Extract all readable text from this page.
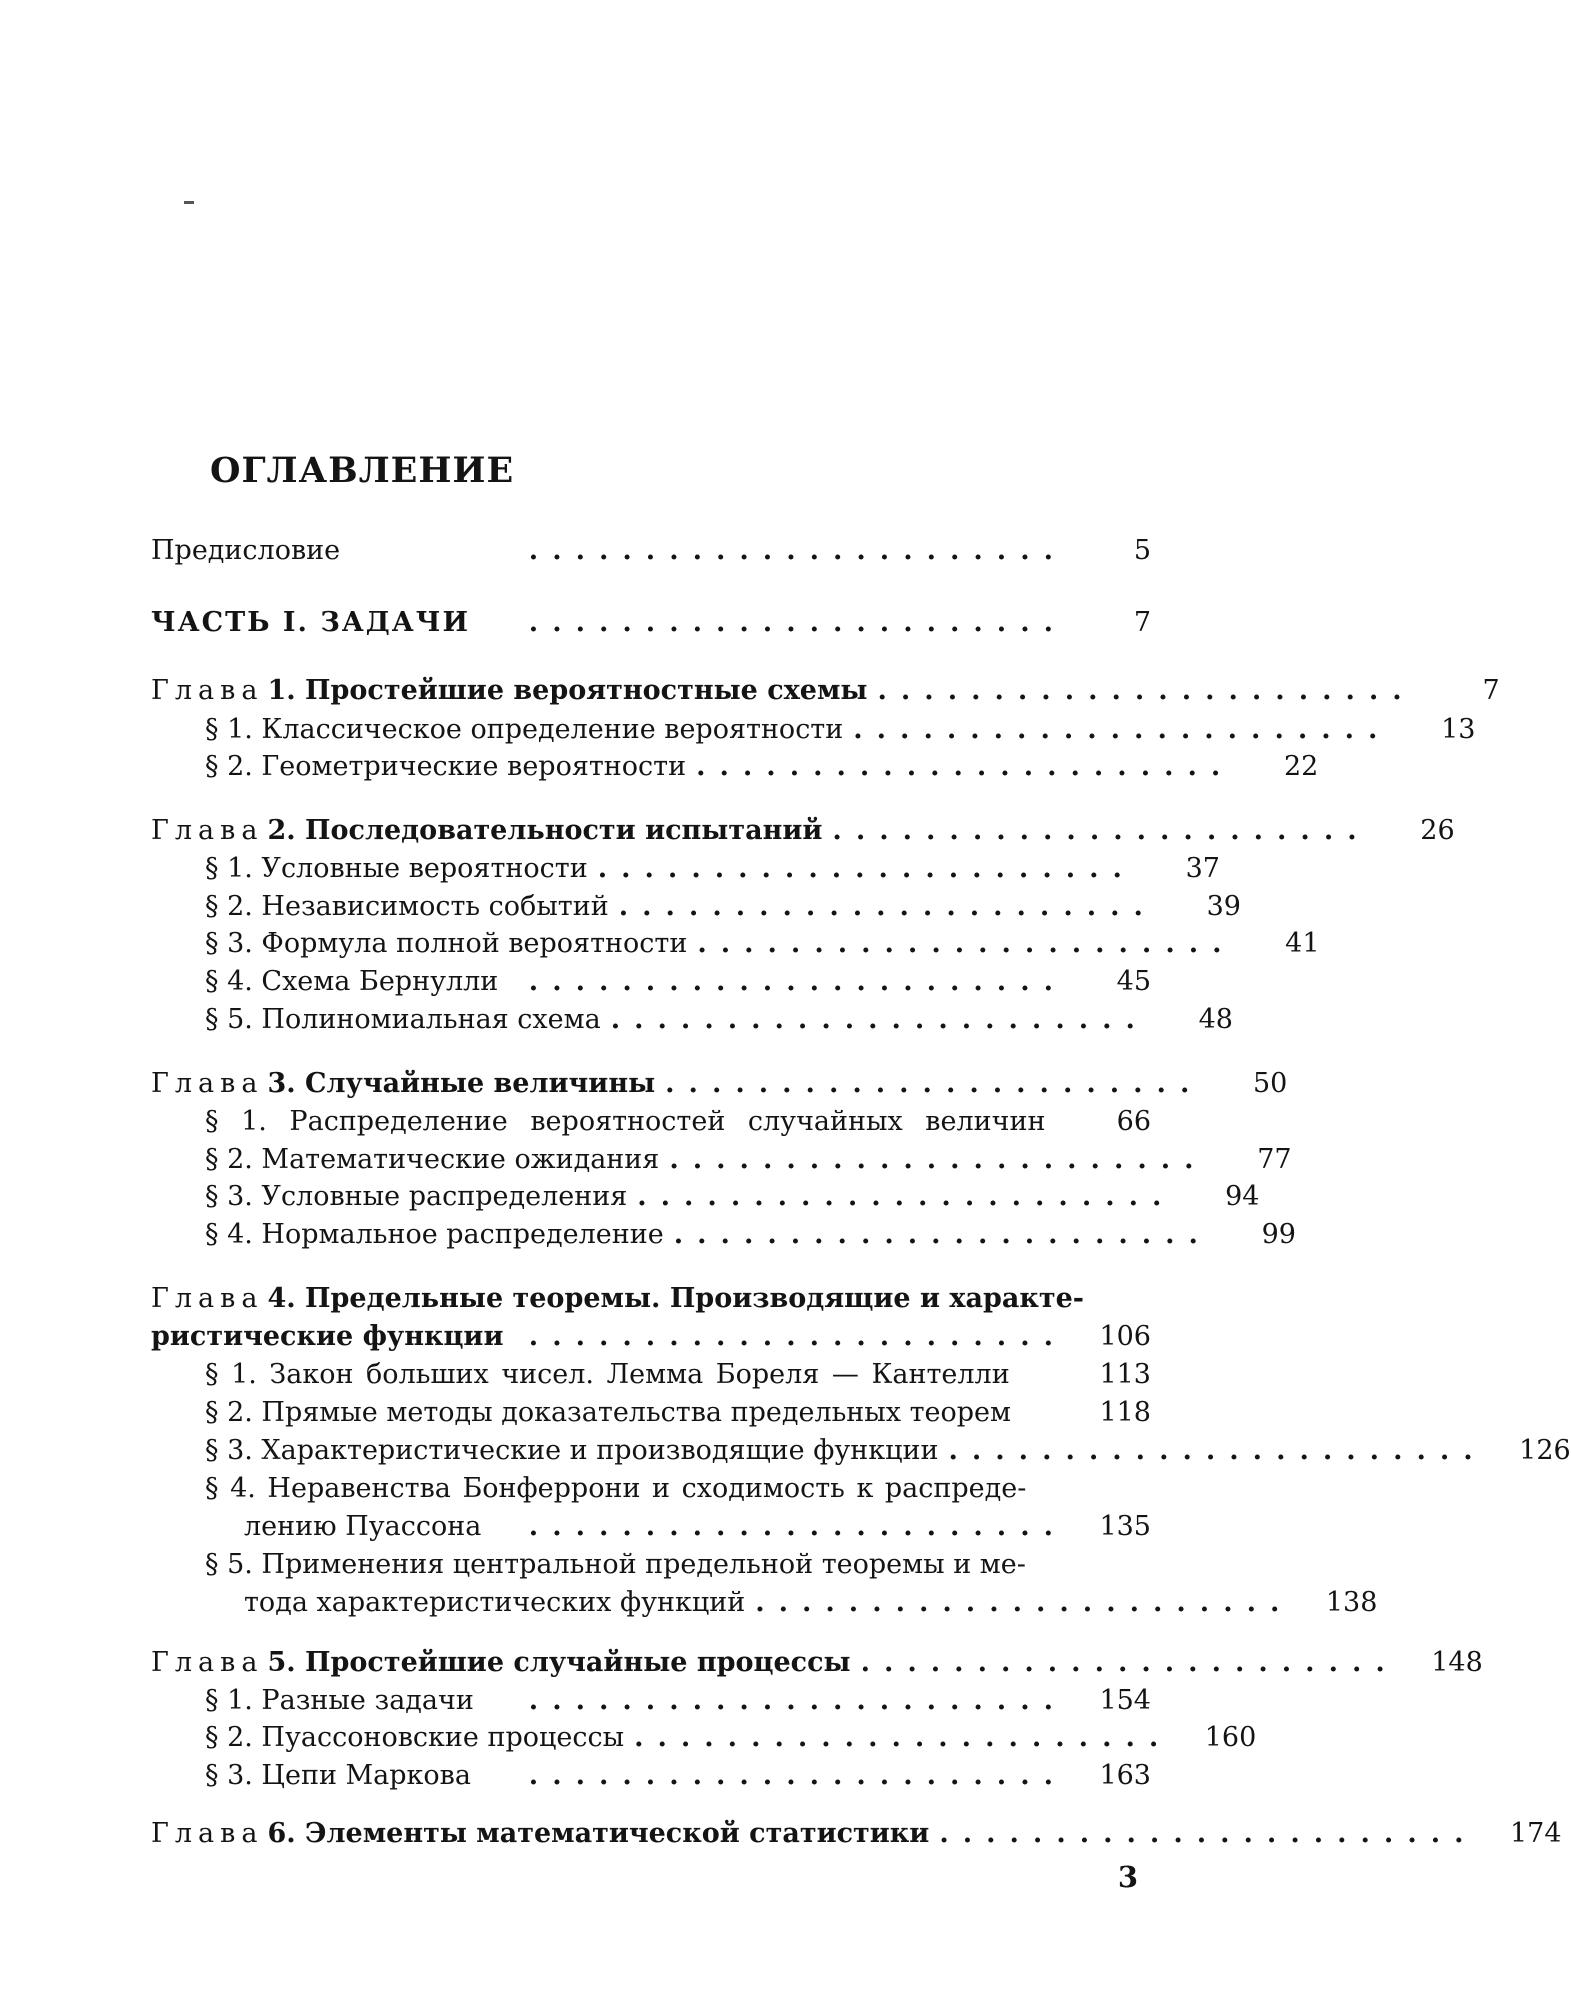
ОГЛАВЛЕНИЕ
Предисловие	.......................	5
ЧАСТЬ I. ЗАДАЧИ	.......................	7
Глава 1. Простейшие вероятностные схемы .......................	7
§ 1. Классическое определение вероятности .......................	13
§ 2. Геометрические вероятности .......................	22
Глава 2. Последовательности испытаний .......................	26
§ 1. Условные вероятности .......................	37
§ 2. Независимость событий .......................	39
§ 3. Формула полной вероятности .......................	41
§ 4. Схема Бернулли	.......................	45
§ 5. Полиномиальная схема .......................	48
Глава 3. Случайные величины .......................	50
§ 1. Распределение вероятностей случайных величин	66
§ 2. Математические ожидания .......................	77
§ 3. Условные распределения .......................	94
§ 4. Нормальное распределение .......................	99
Глава 4. Предельные теоремы. Производящие и характе-
ристические функции .......................	106
§ 1. Закон больших чисел. Лемма Бореля — Кантелли	113
§ 2. Прямые методы доказательства предельных теорем	118
§ 3. Характеристические и производящие функции .......................	126
§ 4. Неравенства Бонферрони и сходимость к распреде-
лению Пуассона	.......................	135
§ 5. Применения центральной предельной теоремы и ме-
тода характеристических функций .......................	138
Глава 5. Простейшие случайные процессы .......................	148
§ 1. Разные задачи	.......................	154
§ 2. Пуассоновские процессы .......................	160
§ 3. Цепи Маркова	.......................	163
Глава 6. Элементы математической статистики .......................	174
3
